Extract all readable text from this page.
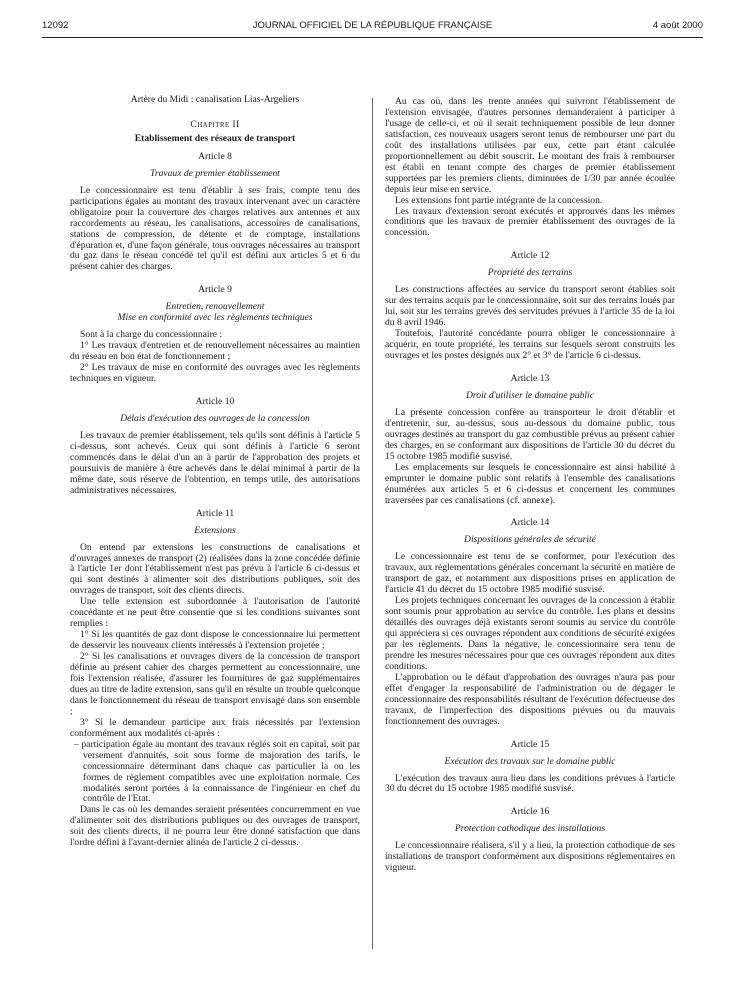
12092	JOURNAL OFFICIEL DE LA RÉPUBLIQUE FRANÇAISE	4 août 2000

Artère du Midi : canalisation Lias-Argeliers

Chapitre II

Etablissement des réseaux de transport

Article 8

Travaux de premier établissement

Le concessionnaire est tenu d'établir à ses frais, compte tenu des participations égales au montant des travaux intervenant avec un caractère obligatoire pour la couverture des charges relatives aux antennes et aux raccordements au réseau, les canalisations, accessoires de canalisations, stations de compression, de détente et de comptage, installations d'épuration et, d'une façon générale, tous ouvrages nécessaires au transport du gaz dans le réseau concédé tel qu'il est défini aux articles 5 et 6 du présent cahier des charges.

Article 9

Entretien, renouvellement

Mise en conformité avec les règlements techniques

Sont à la charge du concessionnaire :

1° Les travaux d'entretien et de renouvellement nécessaires au maintien du réseau en bon état de fonctionnement ;

2° Les travaux de mise en conformité des ouvrages avec les règlements techniques en vigueur.

Article 10

Délais d'exécution des ouvrages de la concession

Les travaux de premier établissement, tels qu'ils sont définis à l'article 5 ci-dessus, sont achevés. Ceux qui sont définis à l'article 6 seront commencés dans le délai d'un an à partir de l'approbation des projets et poursuivis de manière à être achevés dans le délai minimal à partir de la même date, sous réserve de l'obtention, en temps utile, des autorisations administratives nécessaires.

Article 11

Extensions

On entend par extensions les constructions de canalisations et d'ouvrages annexes de transport (2) réalisées dans la zone concédée définie à l'article 1er dont l'établissement n'est pas prévu à l'article 6 ci-dessus et qui sont destinés à alimenter soit des distributions publiques, soit des ouvrages de transport, soit des clients directs.

Une telle extension est subordonnée à l'autorisation de l'autorité concédante et ne peut être consentie que si les conditions suivantes sont remplies :

1° Si les quantités de gaz dont dispose le concessionnaire lui permettent de desservir les nouveaux clients intéressés à l'extension projetée ;

2° Si les canalisations et ouvrages divers de la concession de transport définie au présent cahier des charges permettent au concessionnaire, une fois l'extension réalisée, d'assurer les fournitures de gaz supplémentaires dues au titre de ladite extension, sans qu'il en résulte un trouble quelconque dans le fonctionnement du réseau de transport envisagé dans son ensemble ;

3° Si le demandeur participe aux frais nécessités par l'extension conformément aux modalités ci-après :

– participation égale au montant des travaux réglés soit en capital, soit par versement d'annuités, soit sous forme de majoration des tarifs, le concessionnaire déterminant dans chaque cas particulier la ou les formes de règlement compatibles avec une exploitation normale. Ces modalités seront portées à la connaissance de l'ingénieur en chef du contrôle de l'Etat.

Dans le cas où les demandes seraient présentées concurremment en vue d'alimenter soit des distributions publiques ou des ouvrages de transport, soit des clients directs, il ne pourra leur être donné satisfaction que dans l'ordre défini à l'avant-dernier alinéa de l'article 2 ci-dessus.

Au cas où, dans les trente années qui suivront l'établissement de l'extension envisagée, d'autres personnes demanderaient à participer à l'usage de celle-ci, et où il serait techniquement possible de leur donner satisfaction, ces nouveaux usagers seront tenus de rembourser une part du coût des installations utilisées par eux, cette part étant calculée proportionnellement au débit souscrit. Le montant des frais à rembourser est établi en tenant compte des charges de premier établissement supportées par les premiers clients, diminuées de 1/30 par année écoulée depuis leur mise en service.

Les extensions font partie intégrante de la concession.

Les travaux d'extension seront exécutés et approuvés dans les mêmes conditions que les travaux de premier établissement des ouvrages de la concession.

Article 12

Propriété des terrains

Les constructions affectées au service du transport seront établies soit sur des terrains acquis par le concessionnaire, soit sur des terrains loués par lui, soit sur les terrains grevés des servitudes prévues à l'article 35 de la loi du 8 avril 1946.

Toutefois, l'autorité concédante pourra obliger le concessionnaire à acquérir, en toute propriété, les terrains sur lesquels seront construits les ouvrages et les postes désignés aux 2° et 3° de l'article 6 ci-dessus.

Article 13

Droit d'utiliser le domaine public

La présente concession confère au transporteur le droit d'établir et d'entretenir, sur, au-dessus, sous au-dessous du domaine public, tous ouvrages destinés au transport du gaz combustible prévus au présent cahier des charges, en se conformant aux dispositions de l'article 30 du décret du 15 octobre 1985 modifié susvisé.

Les emplacements sur lesquels le concessionnaire est ainsi habilité à emprunter le domaine public sont relatifs à l'ensemble des canalisations énumérées aux articles 5 et 6 ci-dessus et concernent les communes traversées par ces canalisations (cf. annexe).

Article 14

Dispositions générales de sécurité

Le concessionnaire est tenu de se conformer, pour l'exécution des travaux, aux réglementations générales concernant la sécurité en matière de transport de gaz, et notamment aux dispositions prises en application de l'article 41 du décret du 15 octobre 1985 modifié susvisé.

Les projets techniques concernant les ouvrages de la concession à établir sont soumis pour approbation au service du contrôle. Les plans et dessins détaillés des ouvrages déjà existants seront soumis au service du contrôle qui appréciera si ces ouvrages répondent aux conditions de sécurité exigées par les règlements. Dans la négative, le concessionnaire sera tenu de prendre les mesures nécessaires pour que ces ouvrages répondent aux dites conditions.

L'approbation ou le défaut d'approbation des ouvrages n'aura pas pour effet d'engager la responsabilité de l'administration ou de dégager le concessionnaire des responsabilités résultant de l'exécution défectueuse des travaux, de l'imperfection des dispositions prévues ou du mauvais fonctionnement des ouvrages.

Article 15

Exécution des travaux sur le domaine public

L'exécution des travaux aura lieu dans les conditions prévues à l'article 30 du décret du 15 octobre 1985 modifié susvisé.

Article 16

Protection cathodique des installations

Le concessionnaire réalisera, s'il y a lieu, la protection cathodique de ses installations de transport conformément aux dispositions réglementaires en vigueur.
